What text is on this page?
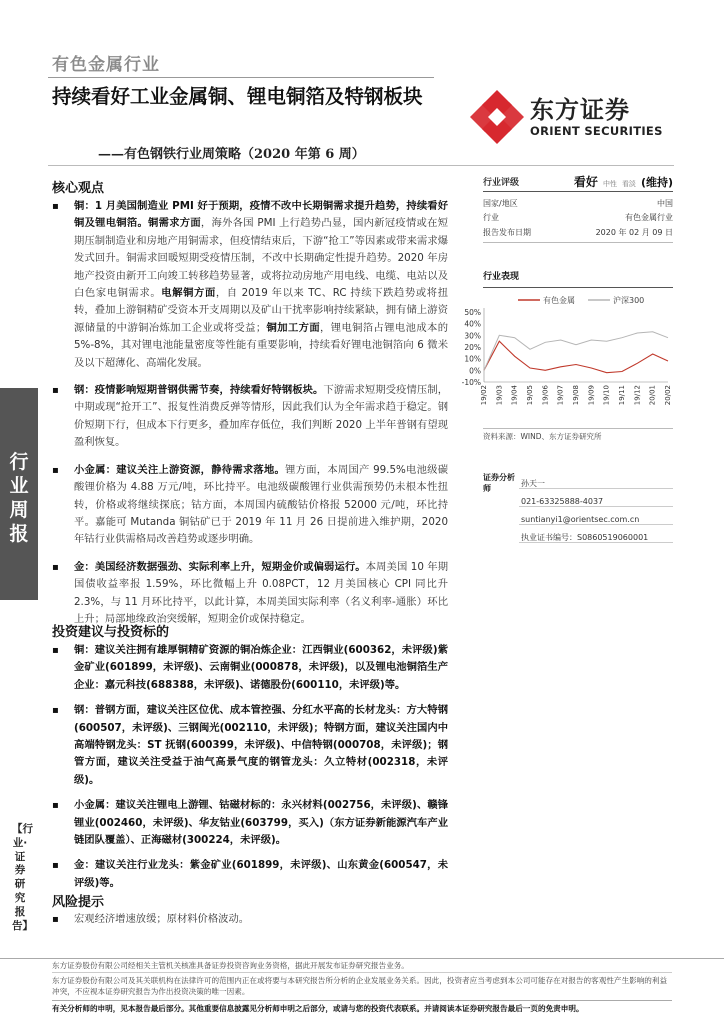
有色金属行业
持续看好工业金属铜、锂电铜箔及特钢板块
——有色钢铁行业周策略（2020 年第 6 周）
东方证券
ORIENT SECURITIES
行业周报
【行业·证券研究报告】
核心观点
▪ 铜：1 月美国制造业 PMI 好于预期，疫情不改中长期铜需求提升趋势，持续看好铜及锂电铜箔。铜需求方面，海外各国 PMI 上行趋势凸显，国内新冠疫情或在短期压制制造业和房地产用铜需求，但疫情结束后，下游“抢工”等因素或带来需求爆发式回升。铜需求回暖短期受疫情压制，不改中长期确定性提升趋势。2020 年房地产投资由新开工向竣工转移趋势显著，或将拉动房地产用电线、电缆、电站以及白色家电铜需求。电解铜方面，自 2019 年以来 TC、RC 持续下跌趋势或将扭转，叠加上游铜精矿受资本开支周期以及矿山干扰率影响持续紧缺，拥有储上游资源储量的中游铜冶炼加工企业或将受益；铜加工方面，锂电铜箔占锂电池成本的 5%-8%，其对锂电池能量密度等性能有重要影响，持续看好锂电池铜箔向 6 微米及以下超薄化、高端化发展。
▪ 钢：疫情影响短期普钢供需节奏，持续看好特钢板块。下游需求短期受疫情压制，中期或现“抢开工”、报复性消费反弹等情形，因此我们认为全年需求趋于稳定。钢价短期下行，但成本下行更多，叠加库存低位，我们判断 2020 上半年普钢有望现盈利恢复。
▪ 小金属：建议关注上游资源，静待需求落地。锂方面，本周国产 99.5%电池级碳酸锂价格为 4.88 万元/吨，环比持平。电池级碳酸锂行业供需预势仍未根本性扭转，价格或将继续探底；钴方面，本周国内硫酸钴价格报 52000 元/吨，环比持平。嘉能可 Mutanda 铜钴矿已于 2019 年 11 月 26 日提前进入维护期，2020 年钴行业供需格局改善趋势或逐步明确。
▪ 金：美国经济数据强劲、实际利率上升，短期金价或偏弱运行。本周美国 10 年期国债收益率报 1.59%，环比微幅上升 0.08PCT，12 月美国核心 CPI 同比升 2.3%，与 11 月环比持平，以此计算，本周美国实际利率（名义利率-通胀）环比上升；局部地缘政治突缓解，短期金价或保持稳定。
投资建议与投资标的
▪ 铜：建议关注拥有雄厚铜精矿资源的铜冶炼企业：江西铜业(600362，未评级)紫金矿业(601899，未评级)、云南铜业(000878，未评级)，以及锂电池铜箔生产企业：嘉元科技(688388，未评级)、诺德股份(600110，未评级)等。
▪ 钢：普钢方面，建议关注区位优、成本管控强、分红水平高的长材龙头：方大特钢(600507，未评级)、三钢闽光(002110，未评级)；特钢方面，建议关注国内中高端特钢龙头：ST 抚钢(600399，未评级)、中信特钢(000708，未评级)；钢管方面，建议关注受益于油气高景气度的钢管龙头：久立特材(002318，未评级)。
▪ 小金属：建议关注锂电上游锂、钴磁材标的：永兴材料(002756，未评级)、赣锋锂业(002460，未评级)、华友钴业(603799，买入)（东方证券新能源汽车产业链团队覆盖）、正海磁材(300224，未评级)。
▪ 金：建议关注行业龙头：紫金矿业(601899，未评级)、山东黄金(600547，未评级)等。
风险提示
▪ 宏观经济增速放缓；原材料价格波动。
行业评级	看好 中性 看淡 (维持)
国家/地区	中国
行业	有色金属行业
报告发布日期	2020 年 02 月 09 日
行业表现
50%
40%
30%
20%
10%
0%
-10%
19/02 19/03 19/04 19/05 19/06 19/07 19/08 19/09 19/10 19/11 19/12 20/01 20/02
有色金属	沪深300
资料来源：WIND、东方证券研究所
证券分析师
孙天一
021-63325888-4037
suntianyi1@orientsec.com.cn
执业证书编号：S0860519060001
东方证券股份有限公司经相关主管机关核准具备证券投资咨询业务资格，据此开展发布证券研究报告业务。
东方证券股份有限公司及其关联机构在法律许可的范围内正在或将要与本研究报告所分析的企业发展业务关系。因此，投资者应当考虑到本公司可能存在对报告的客观性产生影响的利益冲突，不应视本证券研究报告为作出投资决策的唯一因素。
有关分析师的申明，见本报告最后部分。其他重要信息披露见分析师申明之后部分，或请与您的投资代表联系。并请阅读本证券研究报告最后一页的免责申明。
